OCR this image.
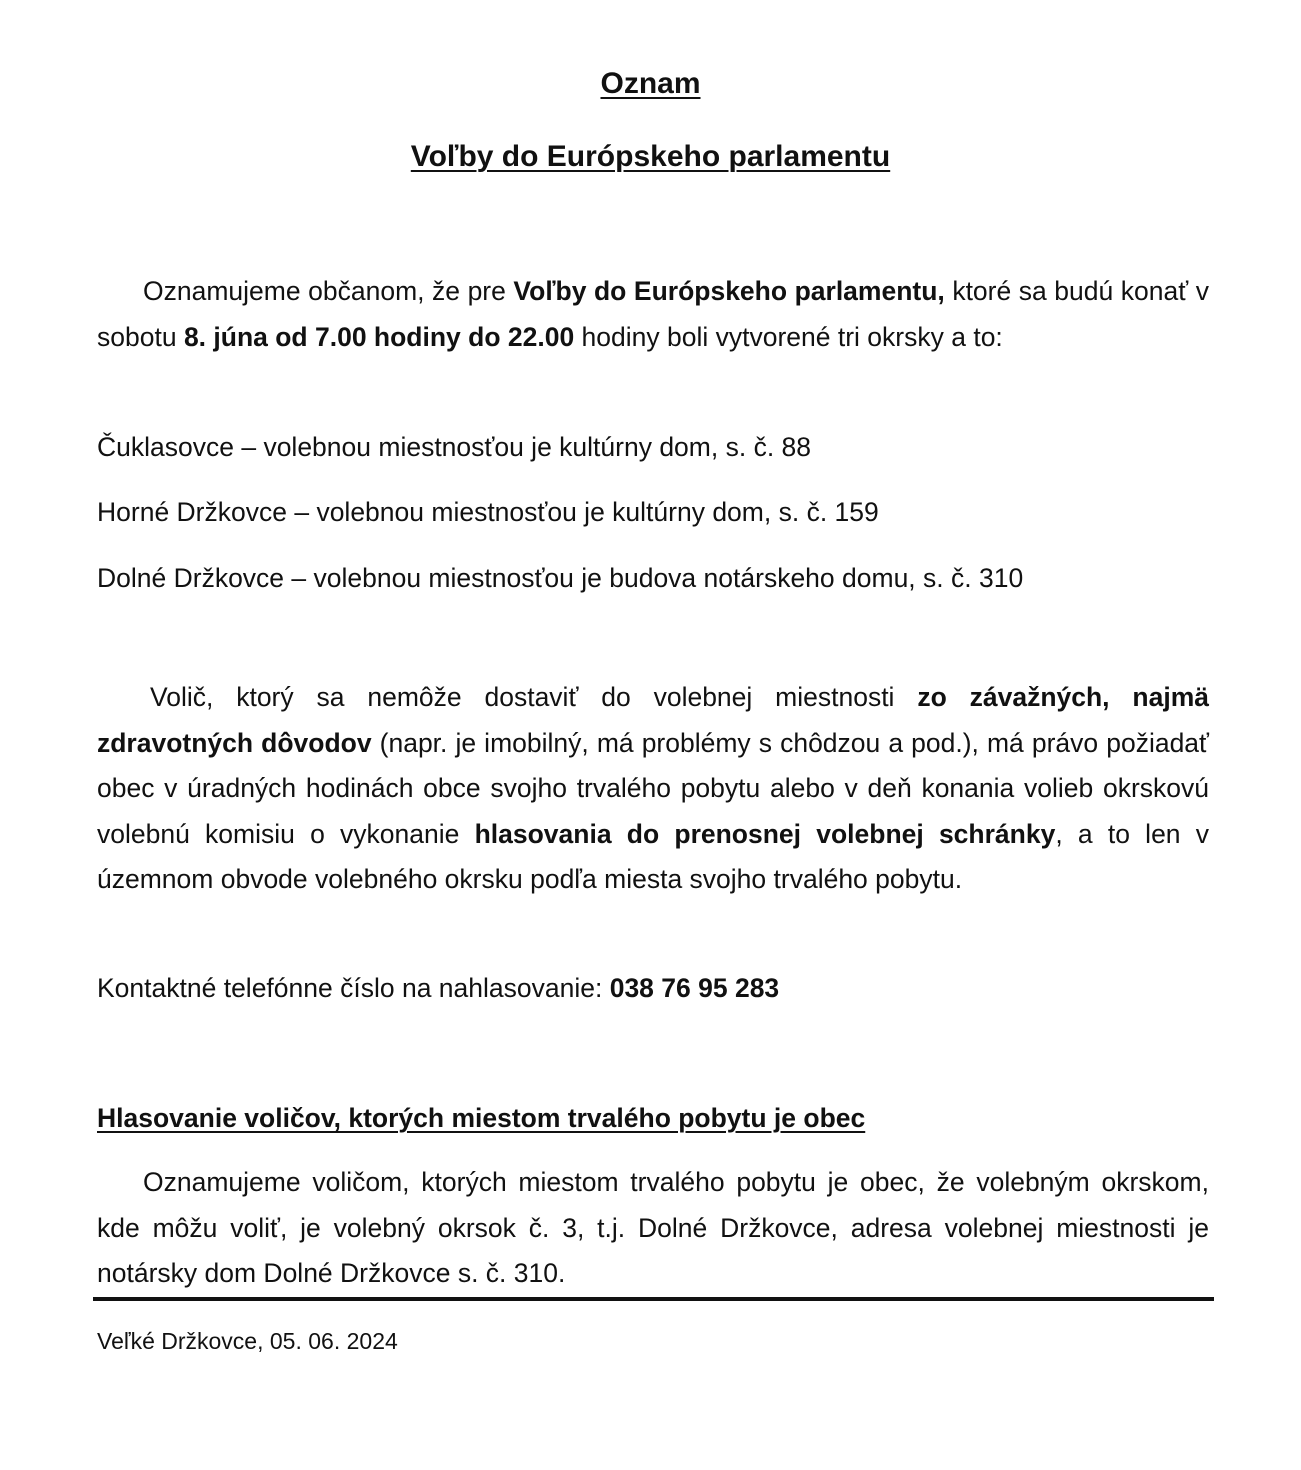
Oznam
Voľby do Európskeho parlamentu

Oznamujeme občanom, že pre Voľby do Európskeho parlamentu, ktoré sa budú konať v sobotu 8. júna od 7.00 hodiny do 22.00 hodiny boli vytvorené tri okrsky a to:

Čuklasovce – volebnou miestnosťou je kultúrny dom, s. č. 88

Horné Držkovce – volebnou miestnosťou je kultúrny dom, s. č. 159

Dolné Držkovce – volebnou miestnosťou je budova notárskeho domu, s. č. 310

Volič, ktorý sa nemôže dostaviť do volebnej miestnosti zo závažných, najmä zdravotných dôvodov (napr. je imobilný, má problémy s chôdzou a pod.), má právo požiadať obec v úradných hodinách obce svojho trvalého pobytu alebo v deň konania volieb okrskovú volebnú komisiu o vykonanie hlasovania do prenosnej volebnej schránky, a to len v územnom obvode volebného okrsku podľa miesta svojho trvalého pobytu.

Kontaktné telefónne číslo na nahlasovanie: 038 76 95 283

Hlasovanie voličov, ktorých miestom trvalého pobytu je obec

Oznamujeme voličom, ktorých miestom trvalého pobytu je obec, že volebným okrskom, kde môžu voliť, je volebný okrsok č. 3, t.j. Dolné Držkovce, adresa volebnej miestnosti je notársky dom Dolné Držkovce s. č. 310.

Veľké Držkovce, 05. 06. 2024
